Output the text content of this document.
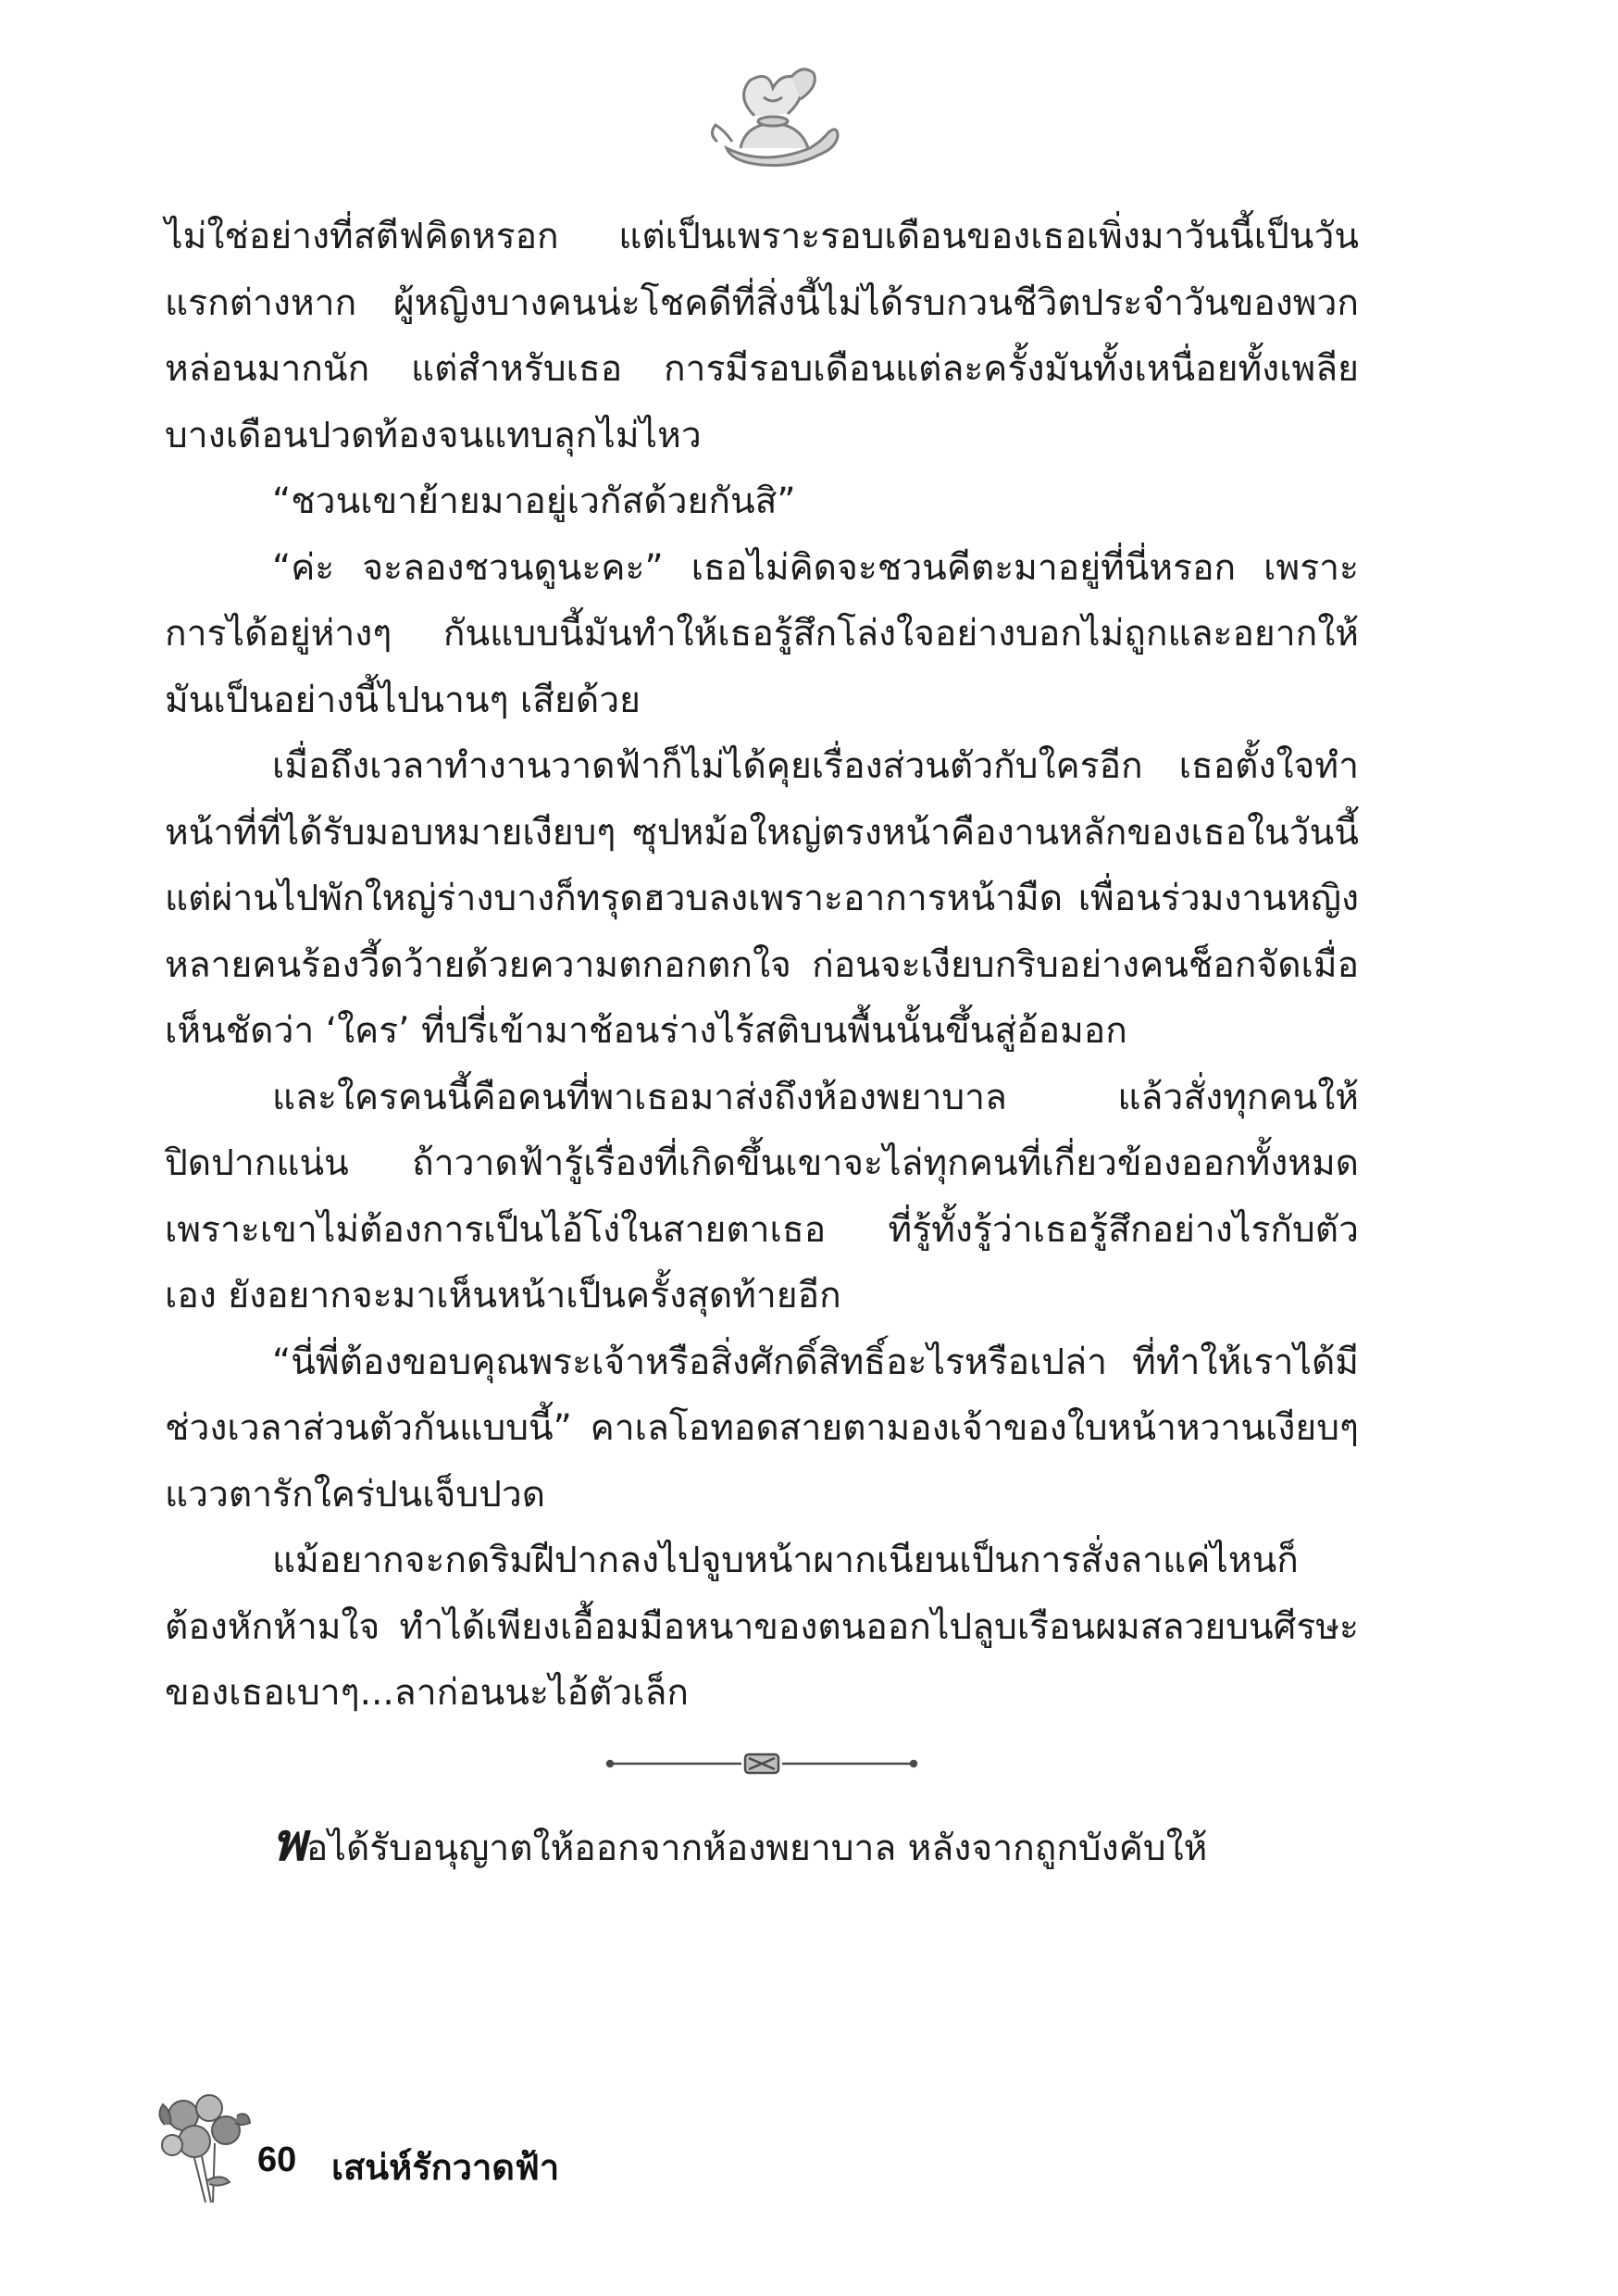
ไม่ใช่อย่างที่สตีฟคิดหรอก แต่เป็นเพราะรอบเดือนของเธอเพิ่งมาวันนี้เป็นวันแรกต่างหาก ผู้หญิงบางคนน่ะโชคดีที่สิ่งนี้ไม่ได้รบกวนชีวิตประจำวันของพวกหล่อนมากนัก แต่สำหรับเธอ การมีรอบเดือนแต่ละครั้งมันทั้งเหนื่อยทั้งเพลีย บางเดือนปวดท้องจนแทบลุกไม่ไหว

“ชวนเขาย้ายมาอยู่เวกัสด้วยกันสิ”

“ค่ะ จะลองชวนดูนะคะ” เธอไม่คิดจะชวนคีตะมาอยู่ที่นี่หรอก เพราะการได้อยู่ห่างๆ กันแบบนี้มันทำให้เธอรู้สึกโล่งใจอย่างบอกไม่ถูกและอยากให้มันเป็นอย่างนี้ไปนานๆ เสียด้วย

เมื่อถึงเวลาทำงานวาดฟ้าก็ไม่ได้คุยเรื่องส่วนตัวกับใครอีก เธอตั้งใจทำหน้าที่ที่ได้รับมอบหมายเงียบๆ ซุปหม้อใหญ่ตรงหน้าคืองานหลักของเธอในวันนี้ แต่ผ่านไปพักใหญ่ร่างบางก็ทรุดฮวบลงเพราะอาการหน้ามืด เพื่อนร่วมงานหญิงหลายคนร้องวี้ดว้ายด้วยความตกอกตกใจ ก่อนจะเงียบกริบอย่างคนช็อกจัดเมื่อเห็นชัดว่า ‘ใคร’ ที่ปรี่เข้ามาช้อนร่างไร้สติบนพื้นนั้นขึ้นสู่อ้อมอก

และใครคนนี้คือคนที่พาเธอมาส่งถึงห้องพยาบาล แล้วสั่งทุกคนให้ปิดปากแน่น ถ้าวาดฟ้ารู้เรื่องที่เกิดขึ้นเขาจะไล่ทุกคนที่เกี่ยวข้องออกทั้งหมด เพราะเขาไม่ต้องการเป็นไอ้โง่ในสายตาเธอ ที่รู้ทั้งรู้ว่าเธอรู้สึกอย่างไรกับตัวเอง ยังอยากจะมาเห็นหน้าเป็นครั้งสุดท้ายอีก

“นี่พี่ต้องขอบคุณพระเจ้าหรือสิ่งศักดิ์สิทธิ์อะไรหรือเปล่า ที่ทำให้เราได้มีช่วงเวลาส่วนตัวกันแบบนี้” คาเลโอทอดสายตามองเจ้าของใบหน้าหวานเงียบๆ แววตารักใคร่ปนเจ็บปวด

แม้อยากจะกดริมฝีปากลงไปจูบหน้าผากเนียนเป็นการสั่งลาแค่ไหนก็ต้องหักห้ามใจ ทำได้เพียงเอื้อมมือหนาของตนออกไปลูบเรือนผมสลวยบนศีรษะของเธอเบาๆ...ลาก่อนนะไอ้ตัวเล็ก

พอได้รับอนุญาตให้ออกจากห้องพยาบาล หลังจากถูกบังคับให้

60 เสน่ห์รักวาดฟ้า
